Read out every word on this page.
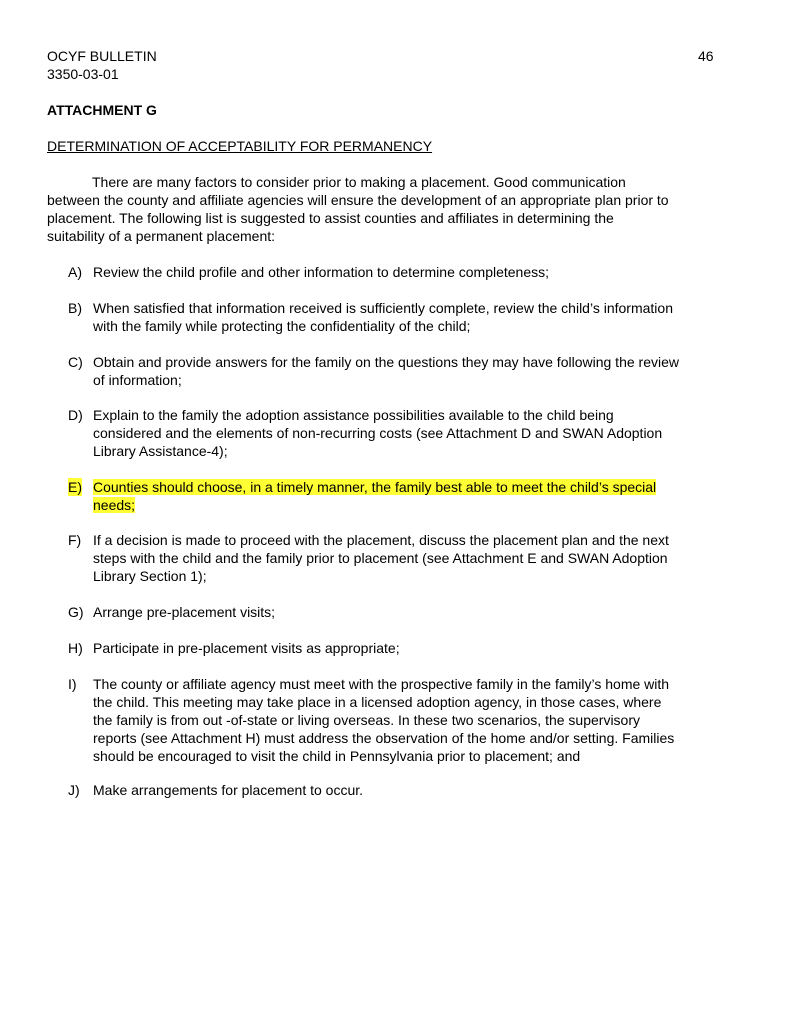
OCYF BULLETIN
3350-03-01
46
ATTACHMENT G
DETERMINATION OF ACCEPTABILITY FOR PERMANENCY
There are many factors to consider prior to making a placement. Good communication
between the county and affiliate agencies will ensure the development of an appropriate plan prior to
placement. The following list is suggested to assist counties and affiliates in determining the
suitability of a permanent placement:
A) Review the child profile and other information to determine completeness;
B) When satisfied that information received is sufficiently complete, review the child’s information
with the family while protecting the confidentiality of the child;
C) Obtain and provide answers for the family on the questions they may have following the review
of information;
D) Explain to the family the adoption assistance possibilities available to the child being
considered and the elements of non-recurring costs (see Attachment D and SWAN Adoption
Library Assistance-4);
E) Counties should choose, in a timely manner, the family best able to meet the child’s special
needs;
F) If a decision is made to proceed with the placement, discuss the placement plan and the next
steps with the child and the family prior to placement (see Attachment E and SWAN Adoption
Library Section 1);
G) Arrange pre-placement visits;
H) Participate in pre-placement visits as appropriate;
I) The county or affiliate agency must meet with the prospective family in the family’s home with
the child. This meeting may take place in a licensed adoption agency, in those cases, where
the family is from out -of-state or living overseas. In these two scenarios, the supervisory
reports (see Attachment H) must address the observation of the home and/or setting. Families
should be encouraged to visit the child in Pennsylvania prior to placement; and
J) Make arrangements for placement to occur.
